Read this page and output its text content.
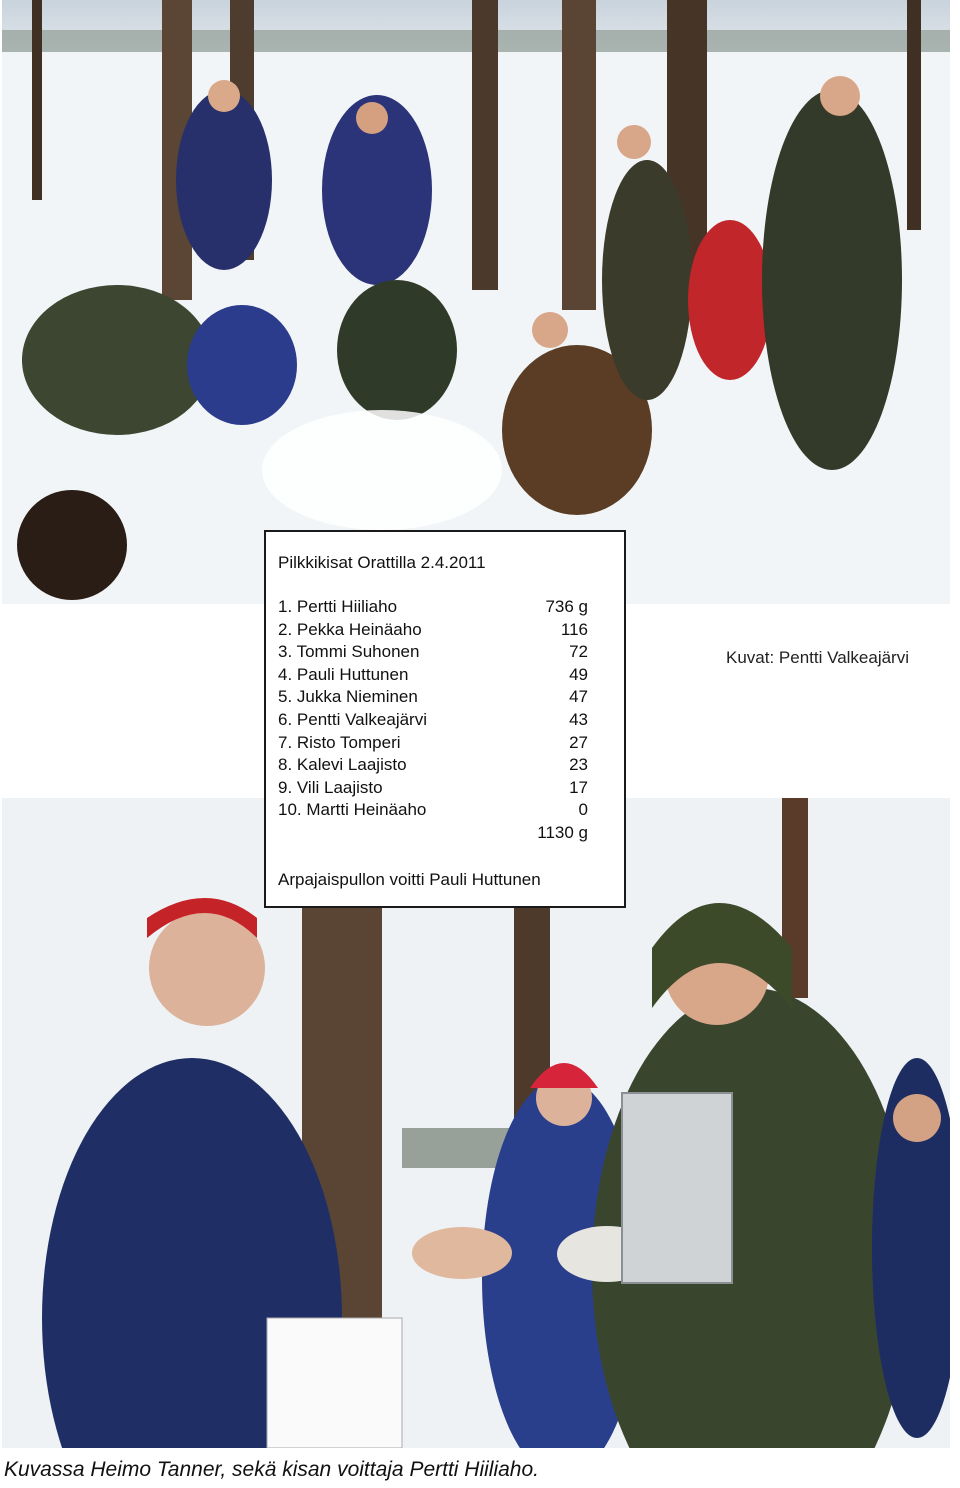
Pilkkikisat Orattilla 2.4.2011
1. Pertti Hiiliaho	736 g
2. Pekka Heinäaho	116
3. Tommi Suhonen	72
4. Pauli Huttunen	49
5. Jukka Nieminen	47
6. Pentti Valkeajärvi	43
7. Risto Tomperi	27
8. Kalevi Laajisto	23
9. Vili Laajisto	17
10. Martti Heinäaho	0
1130 g
Arpajaispullon voitti Pauli Huttunen
Kuvat: Pentti Valkeajärvi
Kuvassa Heimo Tanner, sekä kisan voittaja Pertti Hiiliaho.
